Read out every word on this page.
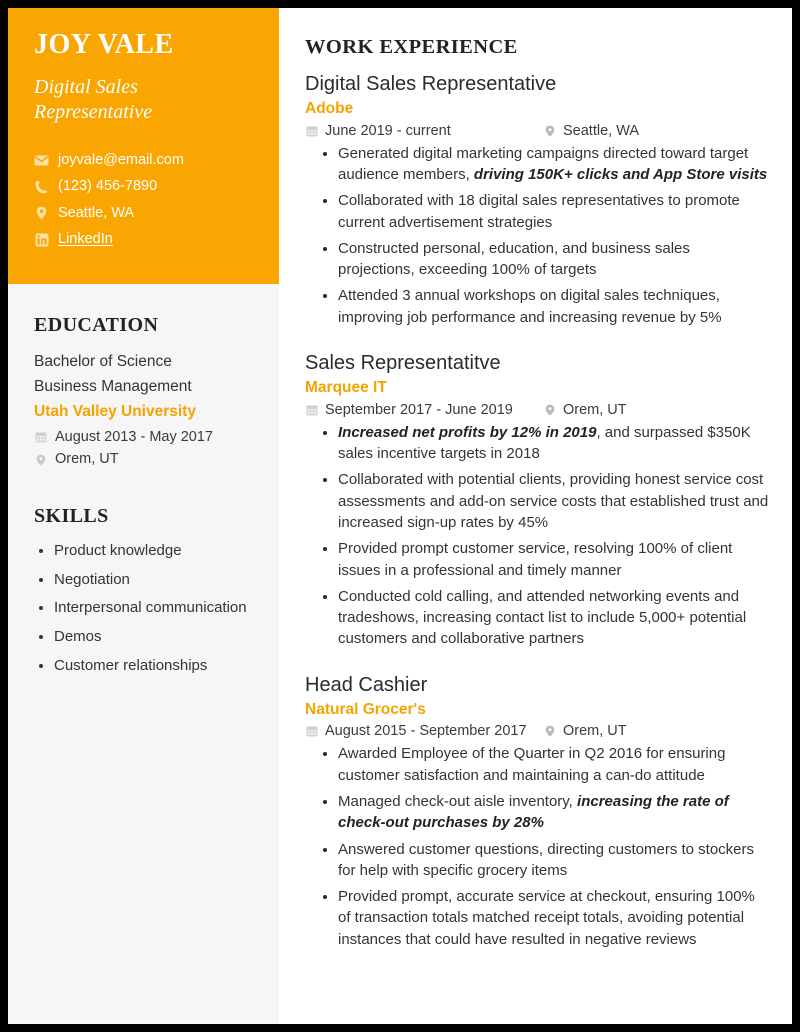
JOY VALE
Digital Sales Representative
joyvale@email.com
(123) 456-7890
Seattle, WA
LinkedIn
EDUCATION
Bachelor of Science
Business Management
Utah Valley University
August 2013 - May 2017
Orem, UT
SKILLS
• Product knowledge
• Negotiation
• Interpersonal communication
• Demos
• Customer relationships
WORK EXPERIENCE
Digital Sales Representative
Adobe
June 2019 - current	Seattle, WA
• Generated digital marketing campaigns directed toward target audience members, driving 150K+ clicks and App Store visits
• Collaborated with 18 digital sales representatives to promote current advertisement strategies
• Constructed personal, education, and business sales projections, exceeding 100% of targets
• Attended 3 annual workshops on digital sales techniques, improving job performance and increasing revenue by 5%
Sales Representatitve
Marquee IT
September 2017 - June 2019	Orem, UT
• Increased net profits by 12% in 2019, and surpassed $350K sales incentive targets in 2018
• Collaborated with potential clients, providing honest service cost assessments and add-on service costs that established trust and increased sign-up rates by 45%
• Provided prompt customer service, resolving 100% of client issues in a professional and timely manner
• Conducted cold calling, and attended networking events and tradeshows, increasing contact list to include 5,000+ potential customers and collaborative partners
Head Cashier
Natural Grocer's
August 2015 - September 2017	Orem, UT
• Awarded Employee of the Quarter in Q2 2016 for ensuring customer satisfaction and maintaining a can-do attitude
• Managed check-out aisle inventory, increasing the rate of check-out purchases by 28%
• Answered customer questions, directing customers to stockers for help with specific grocery items
• Provided prompt, accurate service at checkout, ensuring 100% of transaction totals matched receipt totals, avoiding potential instances that could have resulted in negative reviews
